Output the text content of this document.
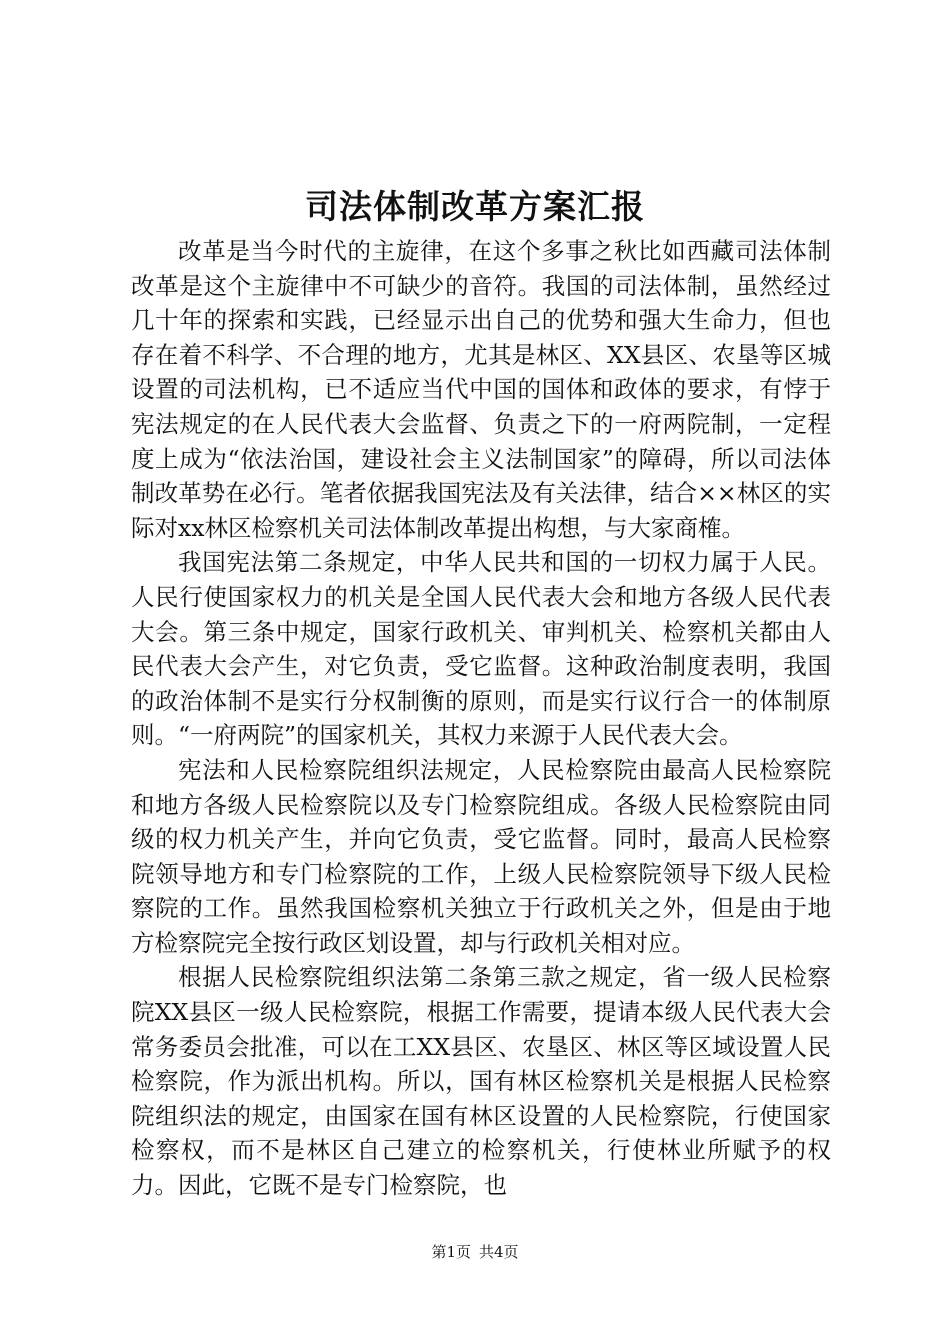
司法体制改革方案汇报

改革是当今时代的主旋律，在这个多事之秋比如西藏司法体制改革是这个主旋律中不可缺少的音符。我国的司法体制，虽然经过几十年的探索和实践，已经显示出自己的优势和强大生命力，但也存在着不科学、不合理的地方，尤其是林区、XX县区、农垦等区城设置的司法机构，已不适应当代中国的国体和政体的要求，有悖于宪法规定的在人民代表大会监督、负责之下的一府两院制，一定程度上成为“依法治国，建设社会主义法制国家”的障碍，所以司法体制改革势在必行。笔者依据我国宪法及有关法律，结合××林区的实际对xx林区检察机关司法体制改革提出构想，与大家商榷。

我国宪法第二条规定，中华人民共和国的一切权力属于人民。人民行使国家权力的机关是全国人民代表大会和地方各级人民代表大会。第三条中规定，国家行政机关、审判机关、检察机关都由人民代表大会产生，对它负责，受它监督。这种政治制度表明，我国的政治体制不是实行分权制衡的原则，而是实行议行合一的体制原则。“一府两院”的国家机关，其权力来源于人民代表大会。

宪法和人民检察院组织法规定，人民检察院由最高人民检察院和地方各级人民检察院以及专门检察院组成。各级人民检察院由同级的权力机关产生，并向它负责，受它监督。同时，最高人民检察院领导地方和专门检察院的工作，上级人民检察院领导下级人民检察院的工作。虽然我国检察机关独立于行政机关之外，但是由于地方检察院完全按行政区划设置，却与行政机关相对应。

根据人民检察院组织法第二条第三款之规定，省一级人民检察院XX县区一级人民检察院，根据工作需要，提请本级人民代表大会常务委员会批准，可以在工XX县区、农垦区、林区等区域设置人民检察院，作为派出机构。所以，国有林区检察机关是根据人民检察院组织法的规定，由国家在国有林区设置的人民检察院，行使国家检察权，而不是林区自己建立的检察机关，行使林业所赋予的权力。因此，它既不是专门检察院，也

第1页 共4页
